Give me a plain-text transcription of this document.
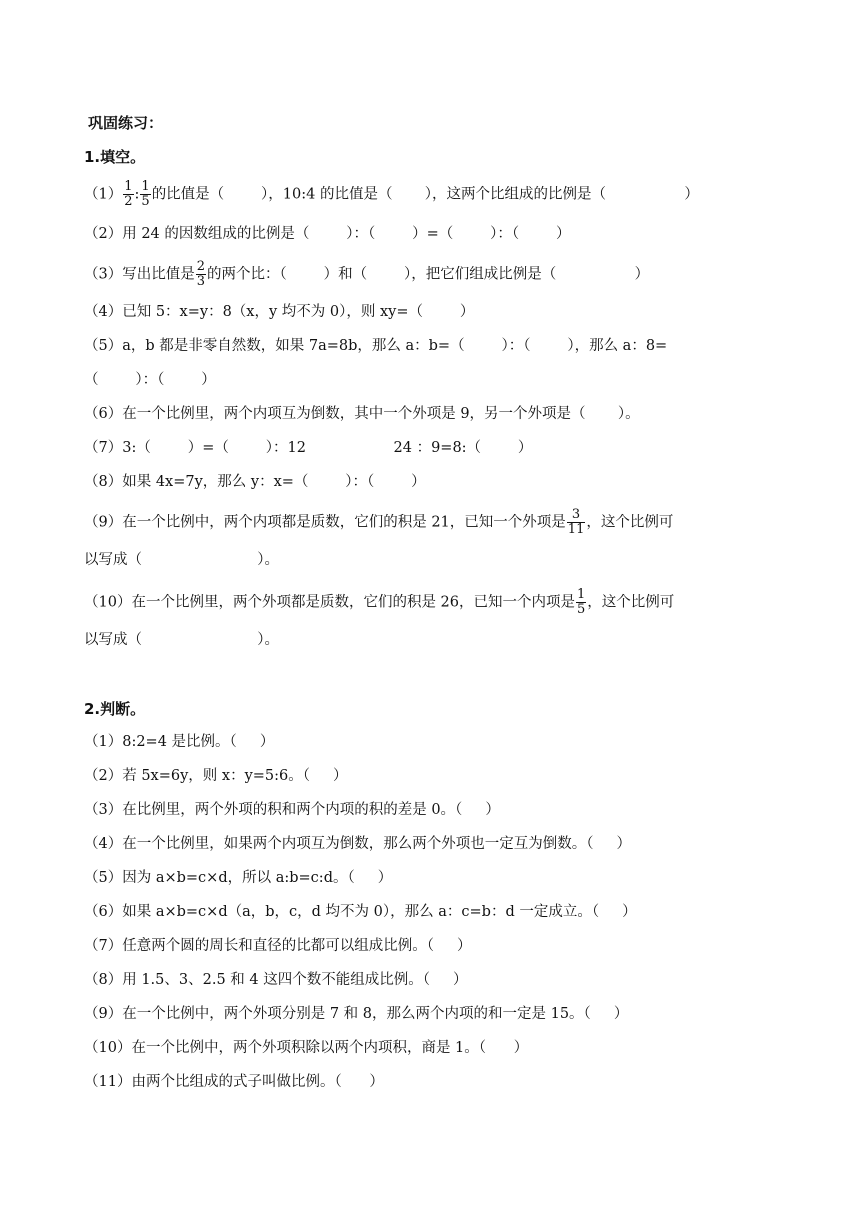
巩固练习：
1.填空。
$(1) \frac{1}{2}$ : $\frac{1}{5}$ 的比值是（        ），10:4 的比值是（       ），这两个比组成的比例是（                 ）
（2）用 24 的因数组成的比例是（        ）：（        ）=（        ）：（        ）
（3）写出比值是 $\frac{2}{3}$ 的两个比：（        ）和（        ），把它们组成比例是（                 ）
（4）已知 5：x=y：8（x，y 均不为 0），则 xy=（        ）
（5）a，b 都是非零自然数，如果 7a=8b，那么 a：b=（        ）：（        ），那么 a：8=
（        ）：（        ）
（6）在一个比例里，两个内项互为倒数，其中一个外项是 9，另一个外项是（       ）。
（7）3:（        ）=（        ）：12                   24 ：9=8:（        ）
（8）如果 4x=7y，那么 y：x=（        ）：（        ）
（9）在一个比例中，两个内项都是质数，它们的积是 21，已知一个外项是 $\frac{3}{11}$ ，这个比例可
以写成（                         ）。
（10）在一个比例里，两个外项都是质数，它们的积是 26，已知一个内项是 $\frac{1}{5}$ ，这个比例可
以写成（                         ）。
2.判断。
（1）8:2=4 是比例。（     ）
（2）若 5x=6y，则 x：y=5:6。（     ）
（3）在比例里，两个外项的积和两个内项的积的差是 0。（     ）
（4）在一个比例里，如果两个内项互为倒数，那么两个外项也一定互为倒数。（     ）
（5）因为 a×b=c×d，所以 a:b=c:d。（     ）
（6）如果 a×b=c×d（a，b，c，d 均不为 0），那么 a：c=b：d 一定成立。（     ）
（7）任意两个圆的周长和直径的比都可以组成比例。（     ）
（8）用 1.5、3、2.5 和 4 这四个数不能组成比例。（     ）
（9）在一个比例中，两个外项分别是 7 和 8，那么两个内项的和一定是 15。（     ）
（10）在一个比例中，两个外项积除以两个内项积，商是 1。（      ）
（11）由两个比组成的式子叫做比例。（      ）
